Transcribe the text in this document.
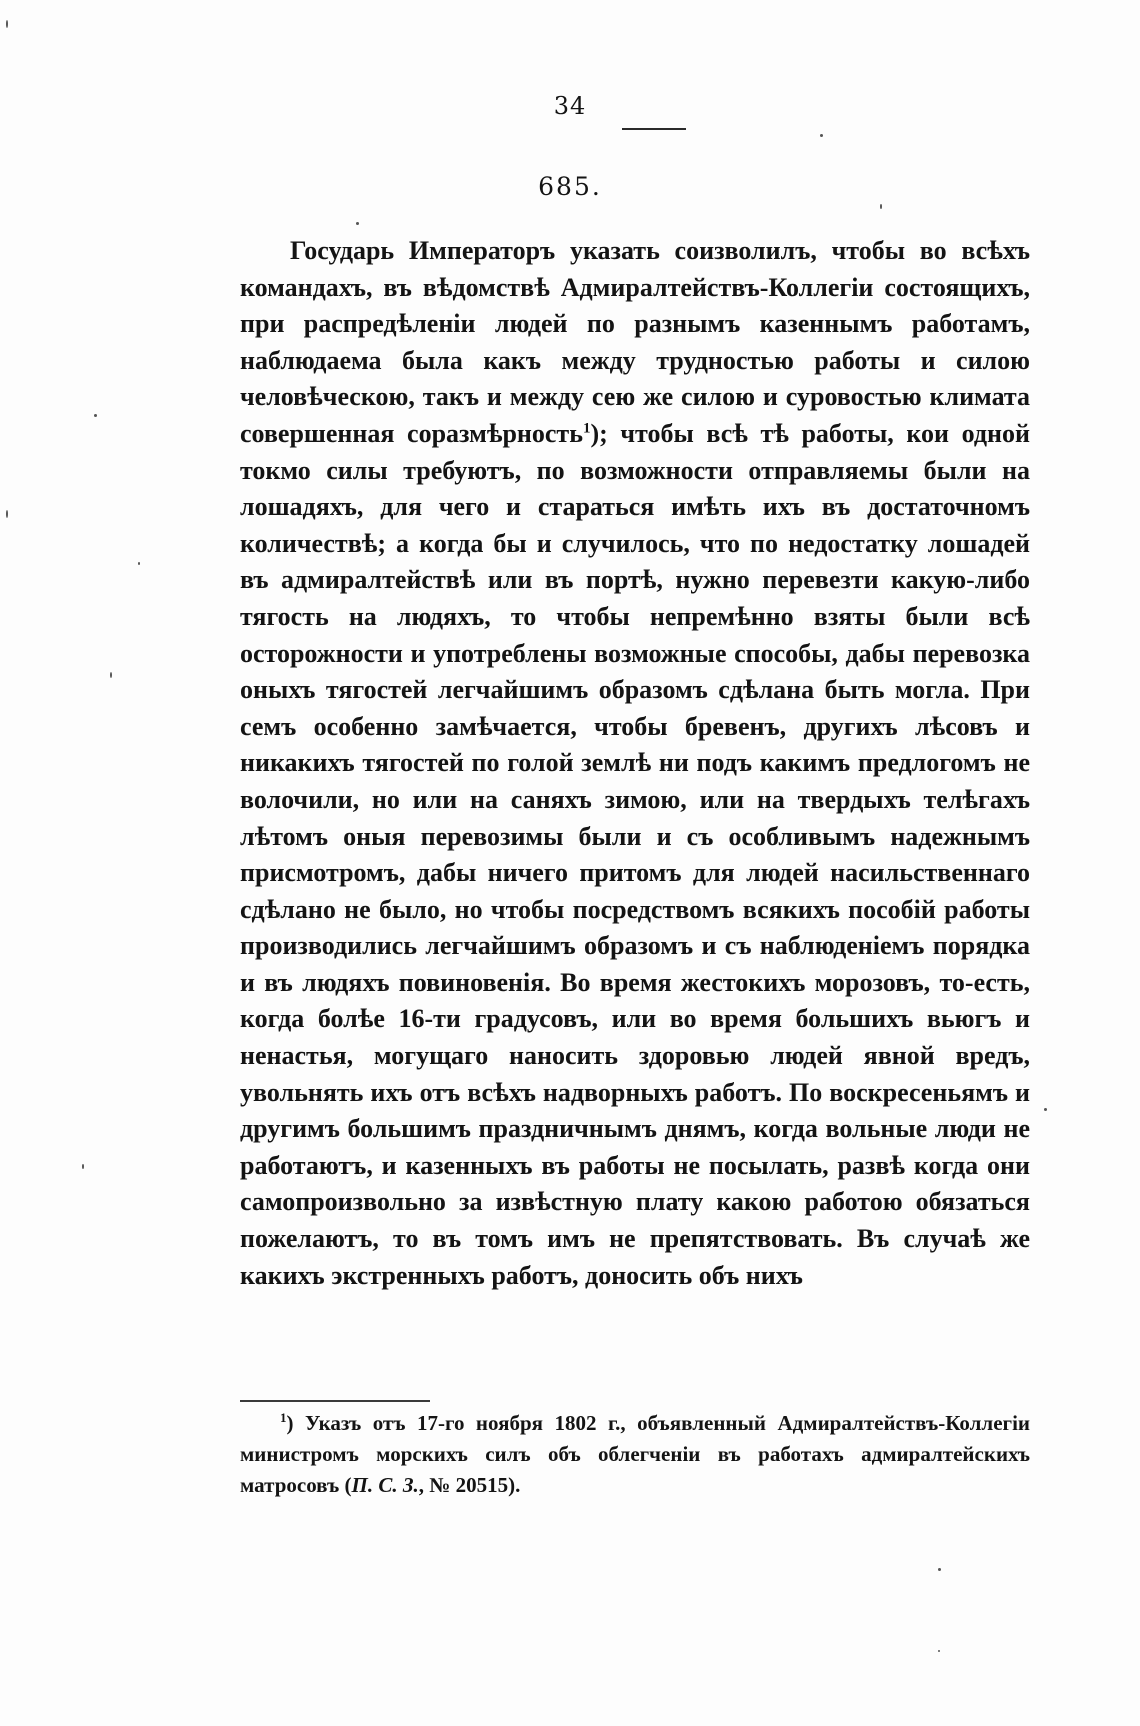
34
685.
Государь Императоръ указать соизволилъ, чтобы во всѣхъ командахъ, въ вѣдомствѣ Адмиралтействъ-Коллегіи состоящихъ, при распредѣленіи людей по разнымъ казеннымъ работамъ, наблюдаема была какъ между трудностью работы и силою человѣческою, такъ и между сею же силою и суровостью климата совершенная соразмѣрность$^1$); чтобы всѣ тѣ работы, кои одной токмо силы требуютъ, по возможности отправляемы были на лошадяхъ, для чего и стараться имѣть ихъ въ достаточномъ количествѣ; а когда бы и случилось, что по недостатку лошадей въ адмиралтействѣ или въ портѣ, нужно перевезти какую-либо тягость на людяхъ, то чтобы непремѣнно взяты были всѣ осторожности и употреблены возможные способы, дабы перевозка оныхъ тягостей легчайшимъ образомъ сдѣлана быть могла. При семъ особенно замѣчается, чтобы бревенъ, другихъ лѣсовъ и никакихъ тягостей по голой землѣ ни подъ какимъ предлогомъ не волочили, но или на саняхъ зимою, или на твердыхъ телѣгахъ лѣтомъ оныя перевозимы были и съ особливымъ надежнымъ присмотромъ, дабы ничего притомъ для людей насильственнаго сдѣлано не было, но чтобы посредствомъ всякихъ пособій работы производились легчайшимъ образомъ и съ наблюденіемъ порядка и въ людяхъ повиновенія. Во время жестокихъ морозовъ, то-есть, когда болѣе 16-ти градусовъ, или во время большихъ вьюгъ и ненастья, могущаго наносить здоровью людей явной вредъ, увольнять ихъ отъ всѣхъ надворныхъ работъ. По воскресеньямъ и другимъ большимъ праздничнымъ днямъ, когда вольные люди не работаютъ, и казенныхъ въ работы не посылать, развѣ когда они самопроизвольно за извѣстную плату какою работою обязаться пожелаютъ, то въ томъ имъ не препятствовать. Въ случаѣ же какихъ экстренныхъ работъ, доносить объ нихъ
$^1$) Указъ отъ 17-го ноября 1802 г., объявленный Адмиралтействъ-Коллегіи министромъ морскихъ силъ объ облегченіи въ работахъ адмиралтейскихъ матросовъ (П. С. З., № 20515).
